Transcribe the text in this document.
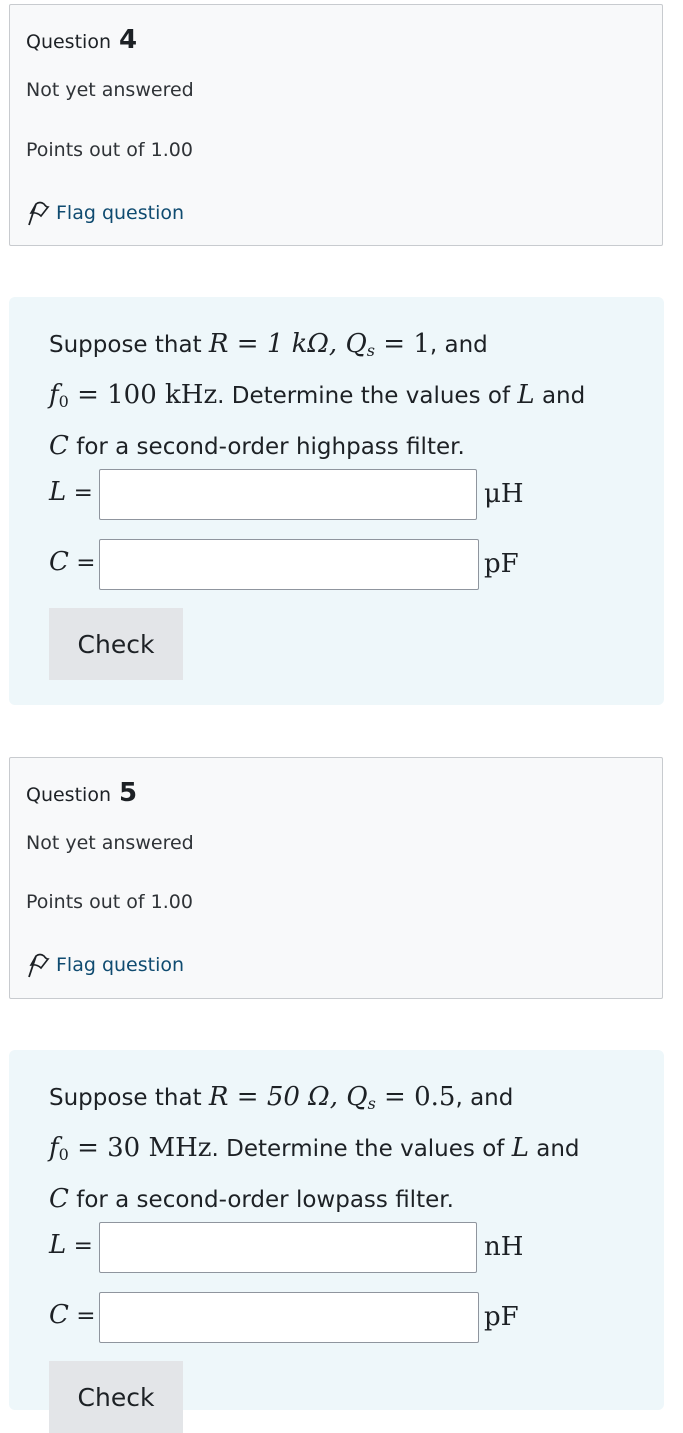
Question 4
Not yet answered
Points out of 1.00
Flag question
Suppose that R = 1 kΩ, $Q_s = 1$, and
$f_0 = 100$ kHz. Determine the values of L and
C for a second-order highpass filter.
L =	μH
C =	pF
Check
Question 5
Not yet answered
Points out of 1.00
Flag question
Suppose that R = 50 Ω, $Q_s = 0.5$, and
$f_0 = 30$ MHz. Determine the values of L and
C for a second-order lowpass filter.
L =	nH
C =	pF
Check
